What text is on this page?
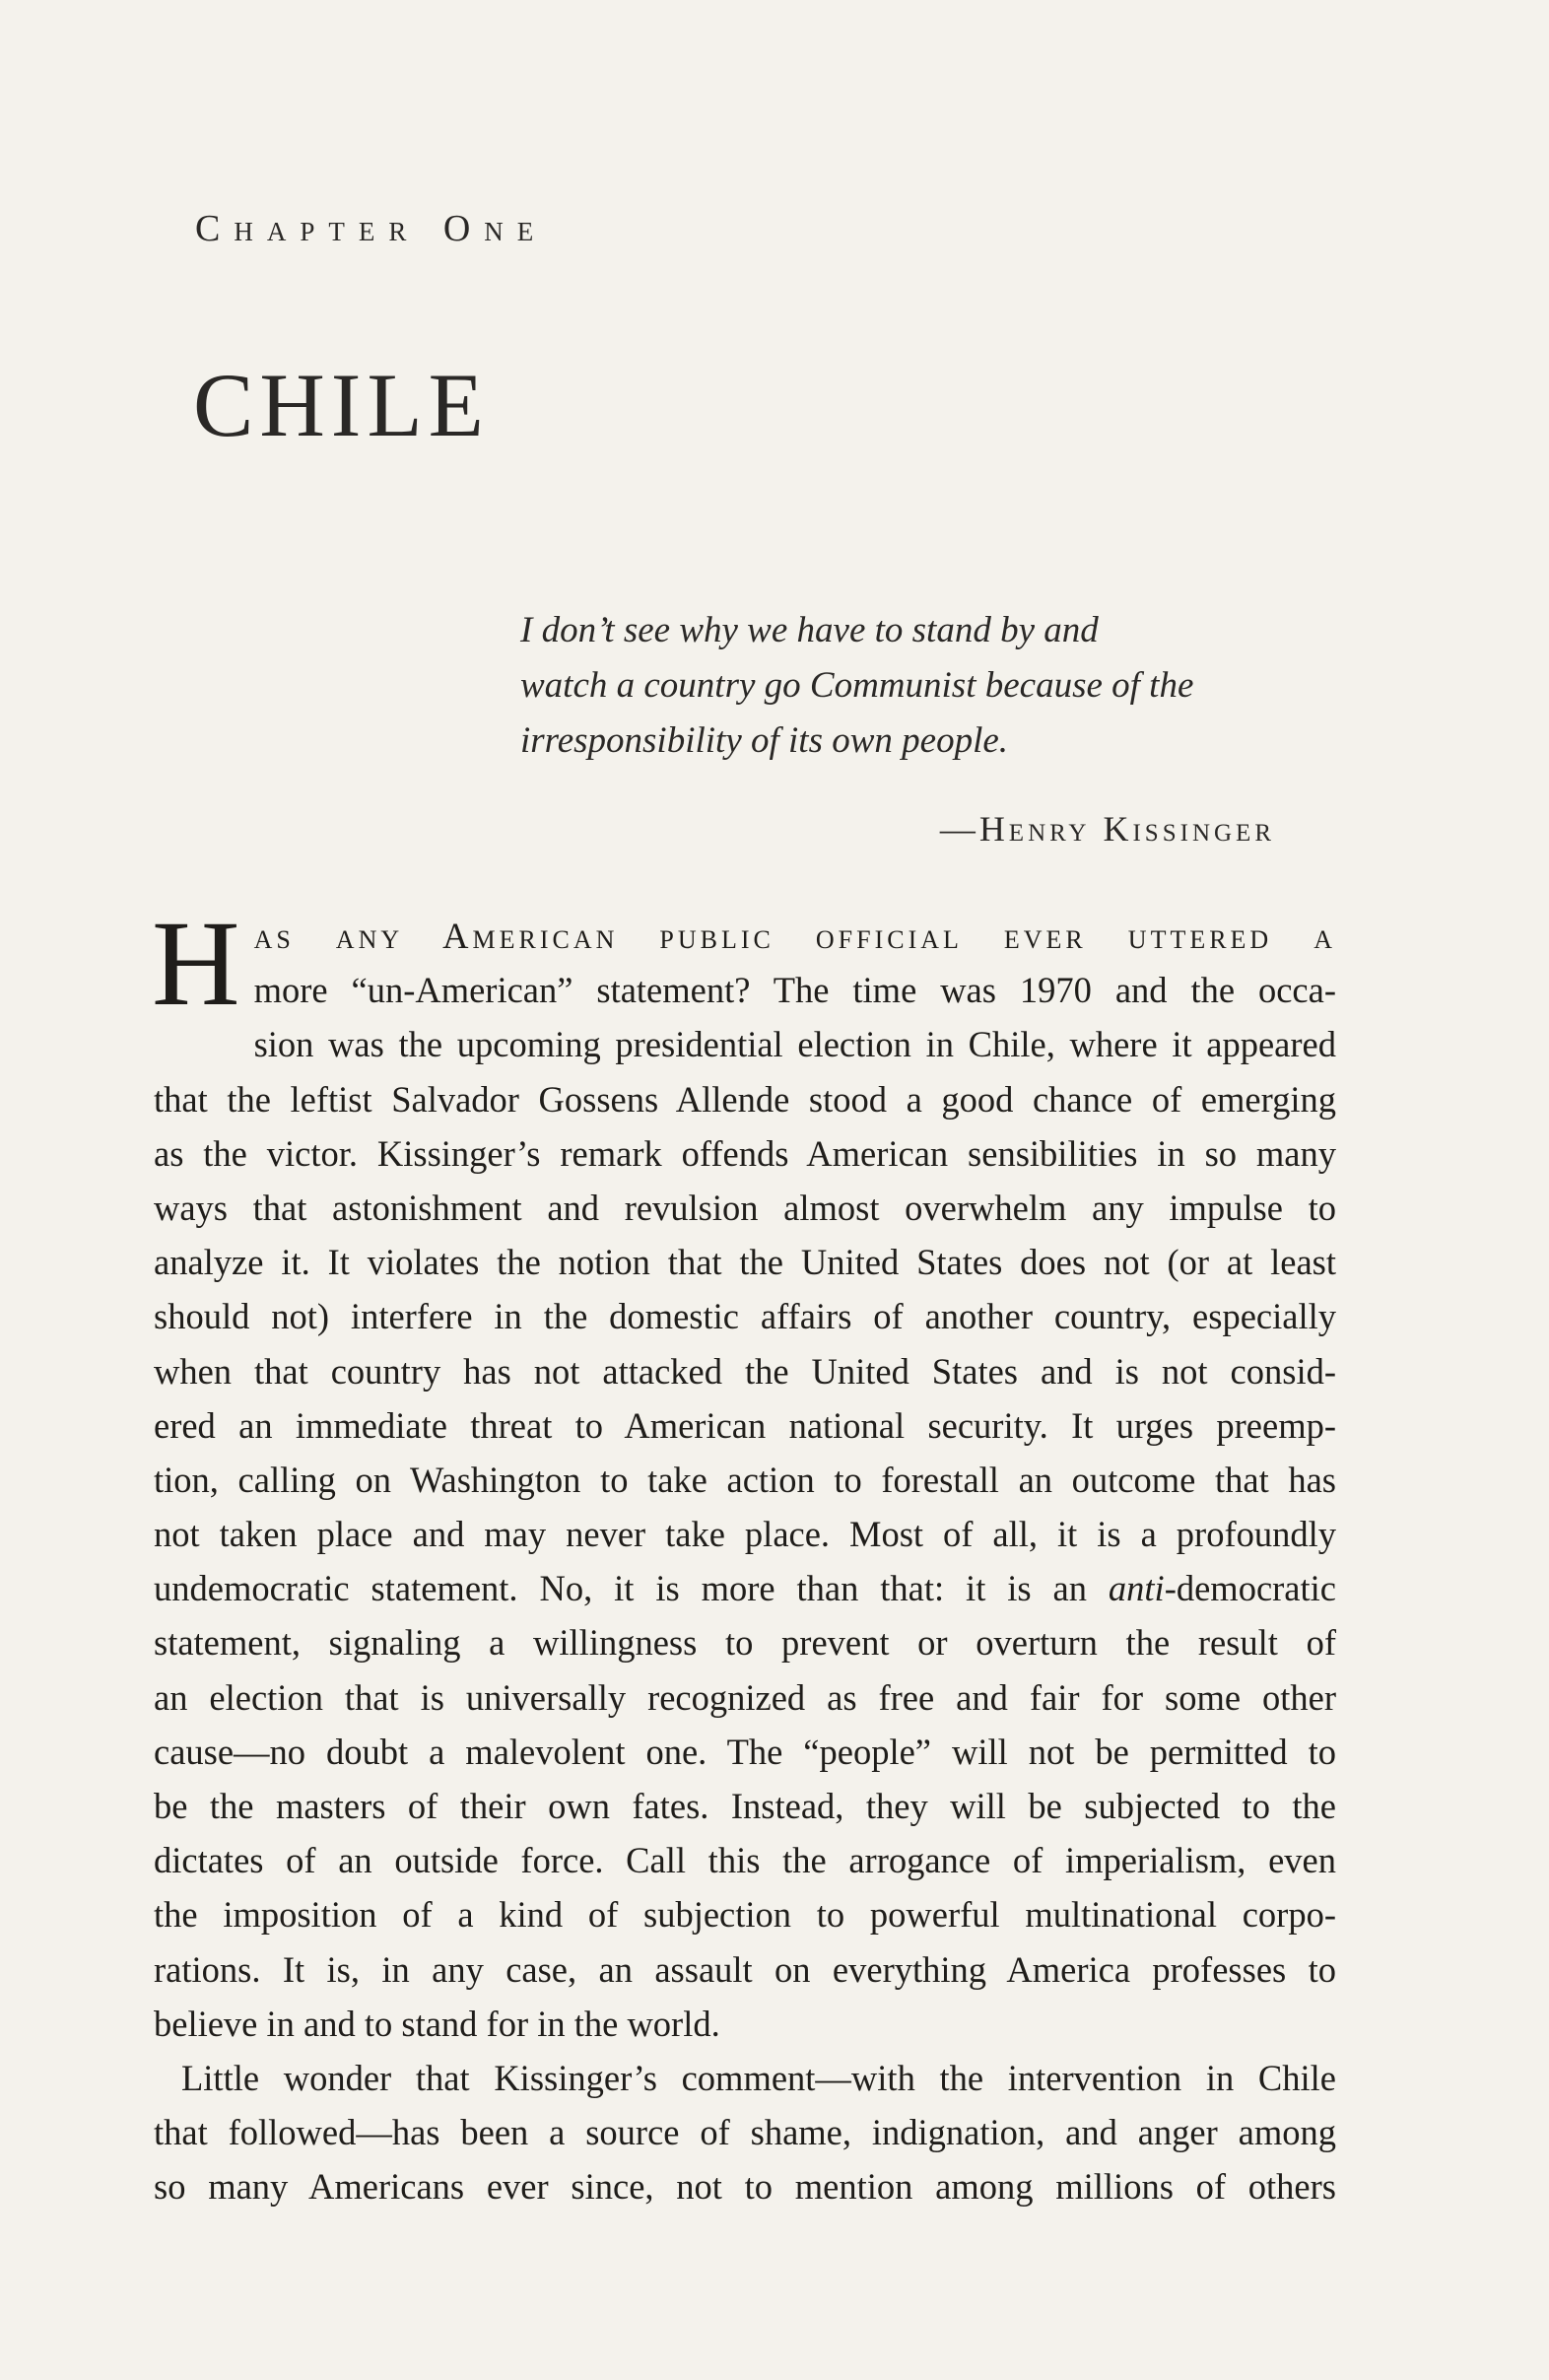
Chapter One
CHILE
I don’t see why we have to stand by and
watch a country go Communist because of the
irresponsibility of its own people.
—Henry Kissinger
H as any American public official ever uttered a
more “un-American” statement? The time was 1970 and the occa-
sion was the upcoming presidential election in Chile, where it appeared
that the leftist Salvador Gossens Allende stood a good chance of emerging
as the victor. Kissinger’s remark offends American sensibilities in so many
ways that astonishment and revulsion almost overwhelm any impulse to
analyze it. It violates the notion that the United States does not (or at least
should not) interfere in the domestic affairs of another country, especially
when that country has not attacked the United States and is not consid-
ered an immediate threat to American national security. It urges preemp-
tion, calling on Washington to take action to forestall an outcome that has
not taken place and may never take place. Most of all, it is a profoundly
undemocratic statement. No, it is more than that: it is an anti-democratic
statement, signaling a willingness to prevent or overturn the result of
an election that is universally recognized as free and fair for some other
cause—no doubt a malevolent one. The “people” will not be permitted to
be the masters of their own fates. Instead, they will be subjected to the
dictates of an outside force. Call this the arrogance of imperialism, even
the imposition of a kind of subjection to powerful multinational corpo-
rations. It is, in any case, an assault on everything America professes to
believe in and to stand for in the world.
Little wonder that Kissinger’s comment—with the intervention in Chile
that followed—has been a source of shame, indignation, and anger among
so many Americans ever since, not to mention among millions of others
